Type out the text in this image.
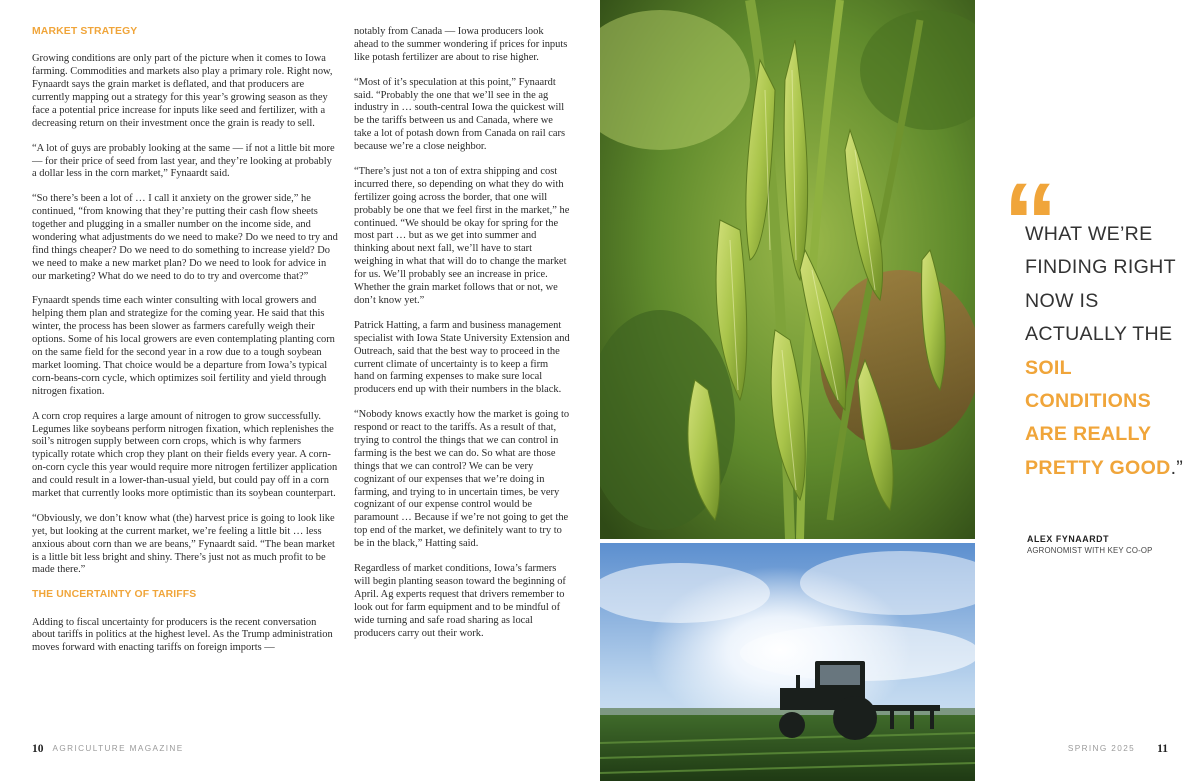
MARKET STRATEGY

Growing conditions are only part of the picture when it comes to Iowa farming. Commodities and markets also play a primary role. Right now, Fynaardt says the grain market is deflated, and that producers are currently mapping out a strategy for this year’s growing season as they face a potential price increase for inputs like seed and fertilizer, with a decreasing return on their investment once the grain is ready to sell.

“A lot of guys are probably looking at the same — if not a little bit more — for their price of seed from last year, and they’re looking at probably a dollar less in the corn market,” Fynaardt said.

“So there’s been a lot of … I call it anxiety on the grower side,” he continued, “from knowing that they’re putting their cash flow sheets together and plugging in a smaller number on the income side, and wondering what adjustments do we need to make? Do we need to try and find things cheaper? Do we need to do something to increase yield? Do we need to make a new market plan? Do we need to look for advice in our marketing? What do we need to do to try and overcome that?”

Fynaardt spends time each winter consulting with local growers and helping them plan and strategize for the coming year. He said that this winter, the process has been slower as farmers carefully weigh their options. Some of his local growers are even contemplating planting corn on the same field for the second year in a row due to a tough soybean market looming. That choice would be a departure from Iowa’s typical corn-beans-corn cycle, which optimizes soil fertility and yield through nitrogen fixation.

A corn crop requires a large amount of nitrogen to grow successfully. Legumes like soybeans perform nitrogen fixation, which replenishes the soil’s nitrogen supply between corn crops, which is why farmers typically rotate which crop they plant on their fields every year. A corn-on-corn cycle this year would require more nitrogen fertilizer application and could result in a lower-than-usual yield, but could pay off in a corn market that currently looks more optimistic than its soybean counterpart.

“Obviously, we don’t know what (the) harvest price is going to look like yet, but looking at the current market, we’re feeling a little bit … less anxious about corn than we are beans,” Fynaardt said. “The bean market is a little bit less bright and shiny. There’s just not as much profit to be made there.”

THE UNCERTAINTY OF TARIFFS

Adding to fiscal uncertainty for producers is the recent conversation about tariffs in politics at the highest level. As the Trump administration moves forward with enacting tariffs on foreign imports —

notably from Canada — Iowa producers look ahead to the summer wondering if prices for inputs like potash fertilizer are about to rise higher.

“Most of it’s speculation at this point,” Fynaardt said. “Probably the one that we’ll see in the ag industry in … south-central Iowa the quickest will be the tariffs between us and Canada, where we take a lot of potash down from Canada on rail cars because we’re a close neighbor.

“There’s just not a ton of extra shipping and cost incurred there, so depending on what they do with fertilizer going across the border, that one will probably be one that we feel first in the market,” he continued. “We should be okay for spring for the most part … but as we get into summer and thinking about next fall, we’ll have to start weighing in what that will do to change the market for us. We’ll probably see an increase in price. Whether the grain market follows that or not, we don’t know yet.”

Patrick Hatting, a farm and business management specialist with Iowa State University Extension and Outreach, said that the best way to proceed in the current climate of uncertainty is to keep a firm hand on farming expenses to make sure local producers end up with their numbers in the black.

“Nobody knows exactly how the market is going to respond or react to the tariffs. As a result of that, trying to control the things that we can control in farming is the best we can do. So what are those things that we can control? We can be very cognizant of our expenses that we’re doing in farming, and trying to in uncertain times, be very cognizant of our expense control would be paramount … Because if we’re not going to get the top end of the market, we definitely want to try to be in the black,” Hatting said.

Regardless of market conditions, Iowa’s farmers will begin planting season toward the beginning of April. Ag experts request that drivers remember to look out for farm equipment and to be mindful of wide turning and safe road sharing as local producers carry out their work.

10 AGRICULTURE MAGAZINE	SPRING 2025 11
“
WHAT WE’RE FINDING RIGHT NOW IS ACTUALLY THE SOIL CONDITIONS ARE REALLY PRETTY GOOD.”
ALEX FYNAARDT
AGRONOMIST WITH KEY CO-OP
